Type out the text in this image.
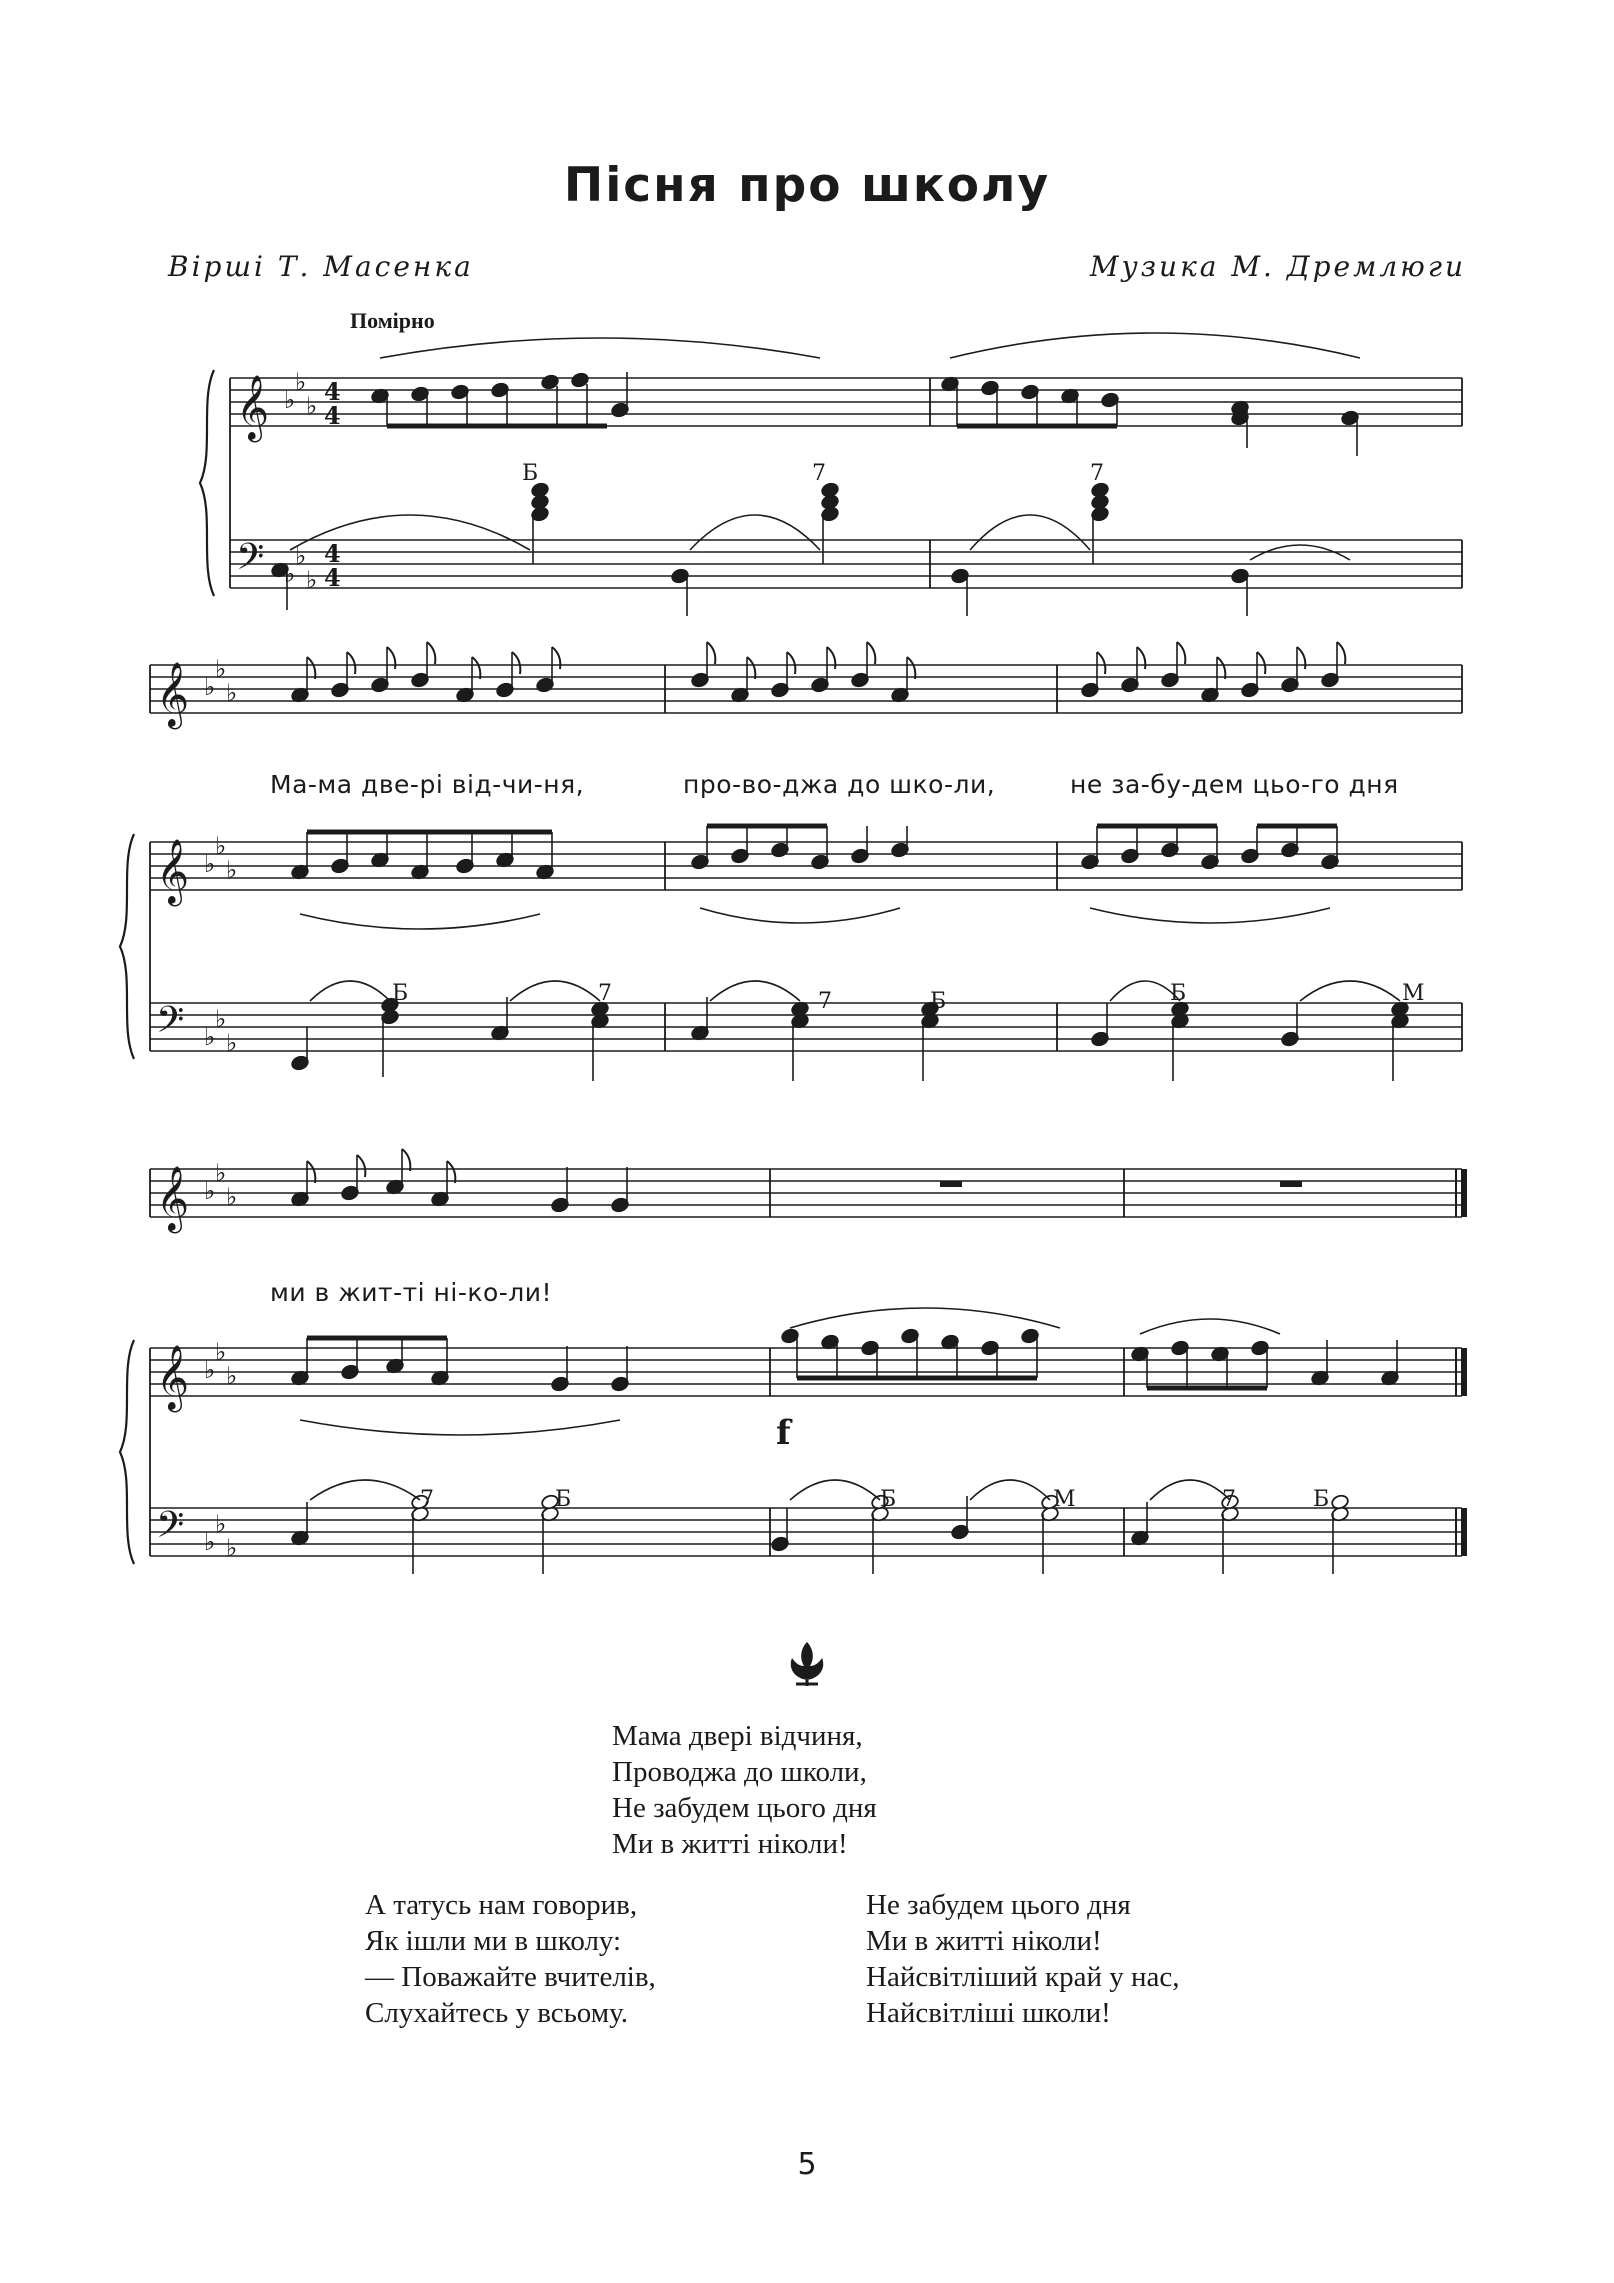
Пісня про школу
Вірші Т. Масенка	Музика М. Дремлюги
Помірно
𝄞 ♭
♭
♭ 4
4
𝄢 ♭
♭
♭
4
4
𝄞 ♭
♭
♭
𝄞 ♭
♭
♭
𝄢 ♭
♭
♭
𝄞 ♭
♭
♭
𝄞 ♭
♭
♭
𝄢 ♭
♭
♭
f
Б	7	7
Б	7	7	Б	Б	М
7	Б	Б	М	7	Б
Ма-ма две-рі від-чи-ня,	про-во-джа до шко-ли,	не за-бу-дем цьо-го дня
ми в жит-ті ні-ко-ли!
Мама двері відчиня,
Проводжа до школи,
Не забудем цього дня
Ми в житті ніколи!
А татусь нам говорив,
Як ішли ми в школу:
— Поважайте вчителів,
Слухайтесь у всьому.
Не забудем цього дня
Ми в житті ніколи!
Найсвітліший край у нас,
Найсвітліші школи!
5
